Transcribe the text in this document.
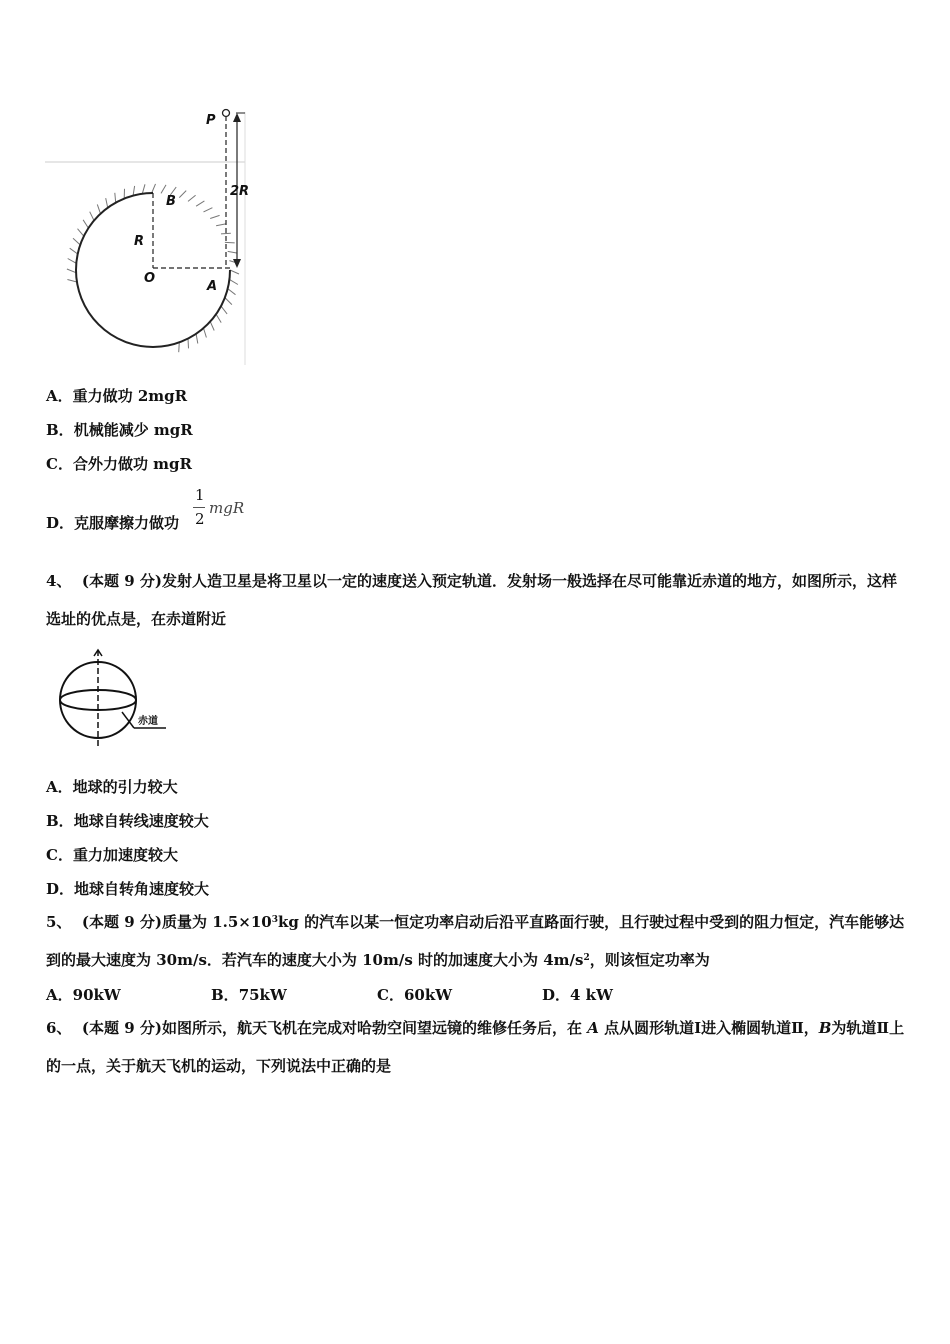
P
2R
B
R
O
A
A．重力做功 2mgR
B．机械能减少 mgR
C．合外力做功 mgR
D．克服摩擦力做功
1
2
mgR
4、 (本题 9 分)发射人造卫星是将卫星以一定的速度送入预定轨道．发射场一般选择在尽可能靠近赤道的地方，如图所示，这样选址的优点是，在赤道附近
赤道
A．地球的引力较大
B．地球自转线速度较大
C．重力加速度较大
D．地球自转角速度较大
5、 (本题 9 分)质量为 $1.5\times 10^3kg$ 的汽车以某一恒定功率启动后沿平直路面行驶，且行驶过程中受到的阻力恒定，汽车能够达到的最大速度为 30m/s．若汽车的速度大小为 10m/s 时的加速度大小为 $4m/s^2$，则该恒定功率为
A．90kW	B．75kW	C．60kW	D．4 kW
6、 (本题 9 分)如图所示，航天飞机在完成对哈勃空间望远镜的维修任务后，在 A 点从圆形轨道Ⅰ进入椭圆轨道Ⅱ，B为轨道Ⅱ上的一点，关于航天飞机的运动，下列说法中正确的是
